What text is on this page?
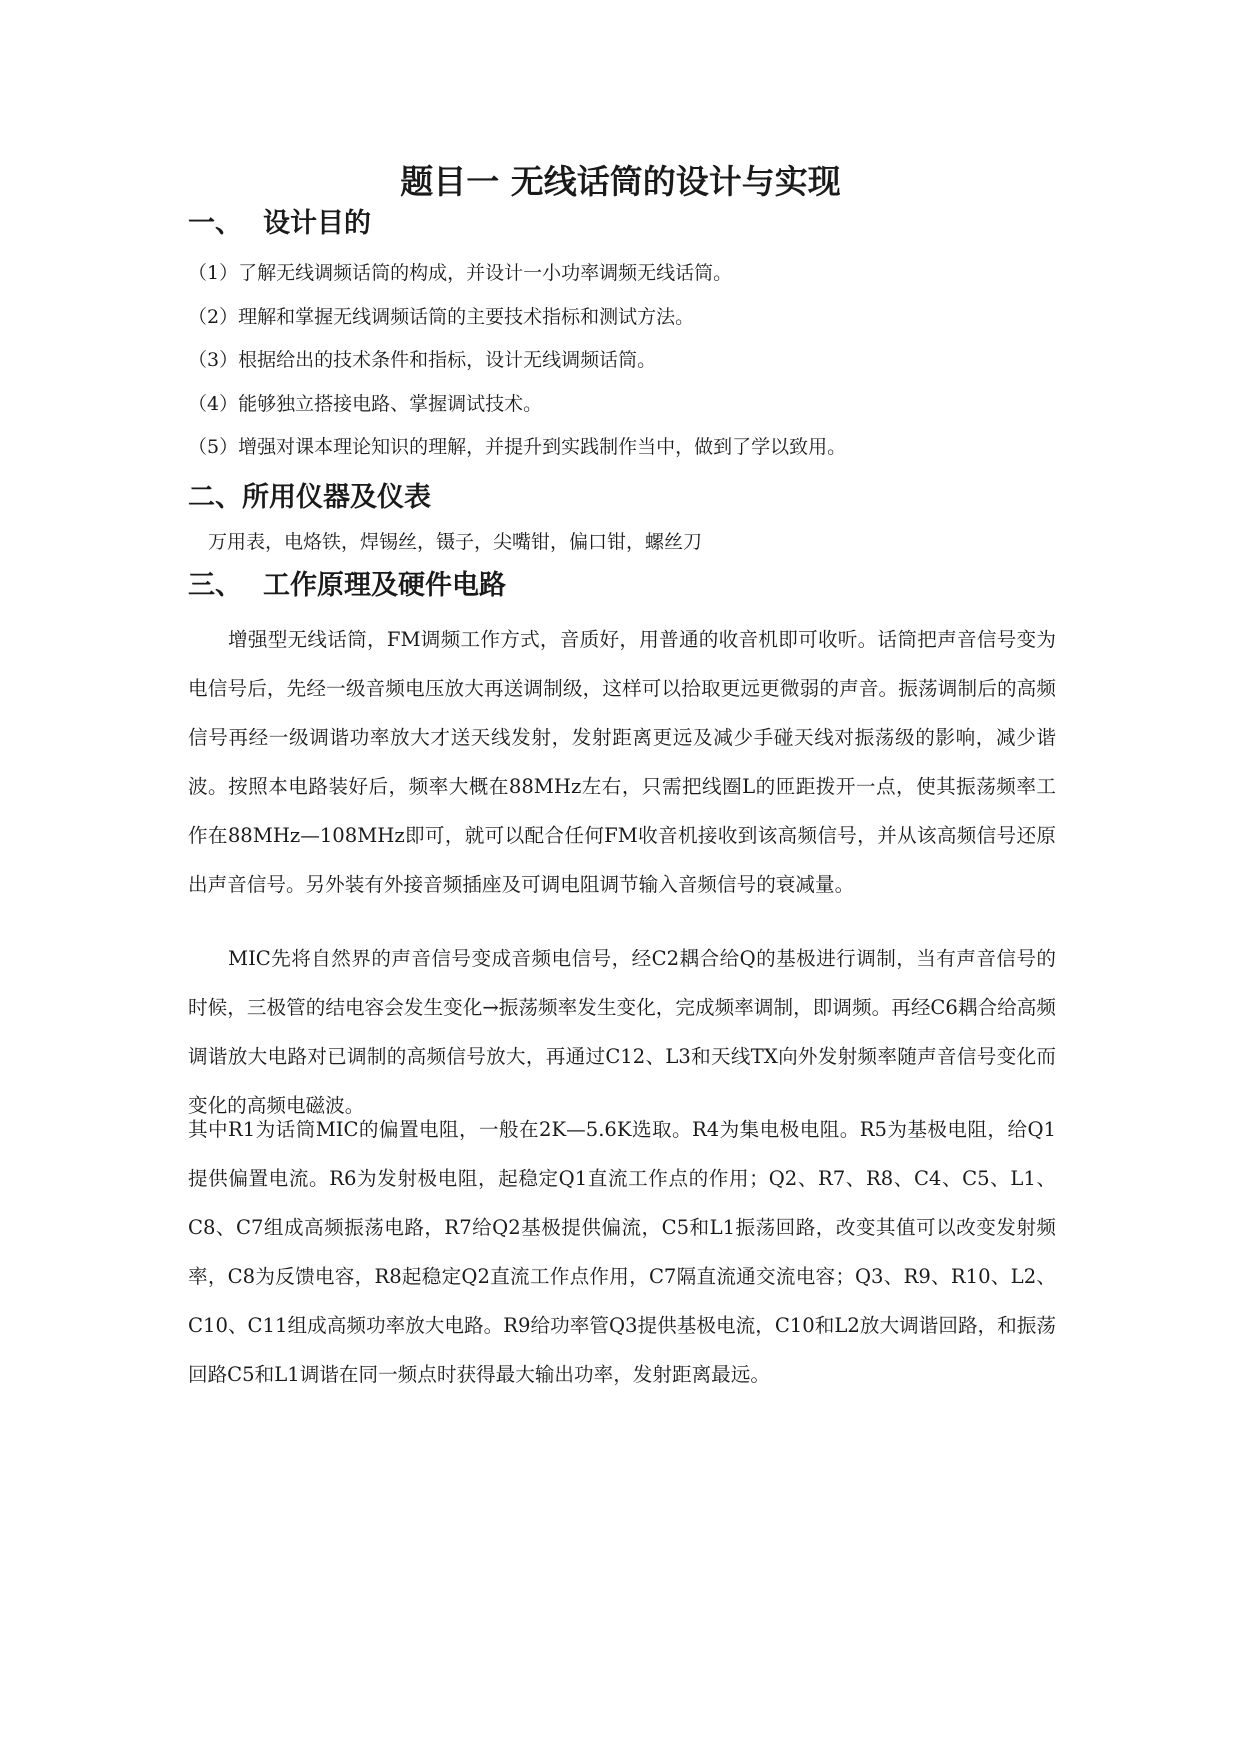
题目一 无线话筒的设计与实现
一、 设计目的

（1）了解无线调频话筒的构成，并设计一小功率调频无线话筒。

（2）理解和掌握无线调频话筒的主要技术指标和测试方法。

（3）根据给出的技术条件和指标，设计无线调频话筒。

（4）能够独立搭接电路、掌握调试技术。

（5）增强对课本理论知识的理解，并提升到实践制作当中，做到了学以致用。

二、所用仪器及仪表

万用表，电烙铁，焊锡丝，镊子，尖嘴钳，偏口钳，螺丝刀

三、 工作原理及硬件电路

增强型无线话筒，FM调频工作方式，音质好，用普通的收音机即可收听。话筒把声音信号变为电信号后，先经一级音频电压放大再送调制级，这样可以拾取更远更微弱的声音。振荡调制后的高频信号再经一级调谐功率放大才送天线发射，发射距离更远及减少手碰天线对振荡级的影响，减少谐波。按照本电路装好后，频率大概在88MHz左右，只需把线圈L的匝距拨开一点，使其振荡频率工作在88MHz—108MHz即可，就可以配合任何FM收音机接收到该高频信号，并从该高频信号还原出声音信号。另外装有外接音频插座及可调电阻调节输入音频信号的衰减量。

MIC先将自然界的声音信号变成音频电信号，经C2耦合给Q的基极进行调制，当有声音信号的时候，三极管的结电容会发生变化→振荡频率发生变化，完成频率调制，即调频。再经C6耦合给高频调谐放大电路对已调制的高频信号放大，再通过C12、L3和天线TX向外发射频率随声音信号变化而变化的高频电磁波。

其中R1为话筒MIC的偏置电阻，一般在2K—5.6K选取。R4为集电极电阻。R5为基极电阻，给Q1提供偏置电流。R6为发射极电阻，起稳定Q1直流工作点的作用；Q2、R7、R8、C4、C5、L1、C8、C7组成高频振荡电路，R7给Q2基极提供偏流，C5和L1振荡回路，改变其值可以改变发射频率，C8为反馈电容，R8起稳定Q2直流工作点作用，C7隔直流通交流电容；Q3、R9、R10、L2、C10、C11组成高频功率放大电路。R9给功率管Q3提供基极电流，C10和L2放大调谐回路，和振荡回路C5和L1调谐在同一频点时获得最大输出功率，发射距离最远。
